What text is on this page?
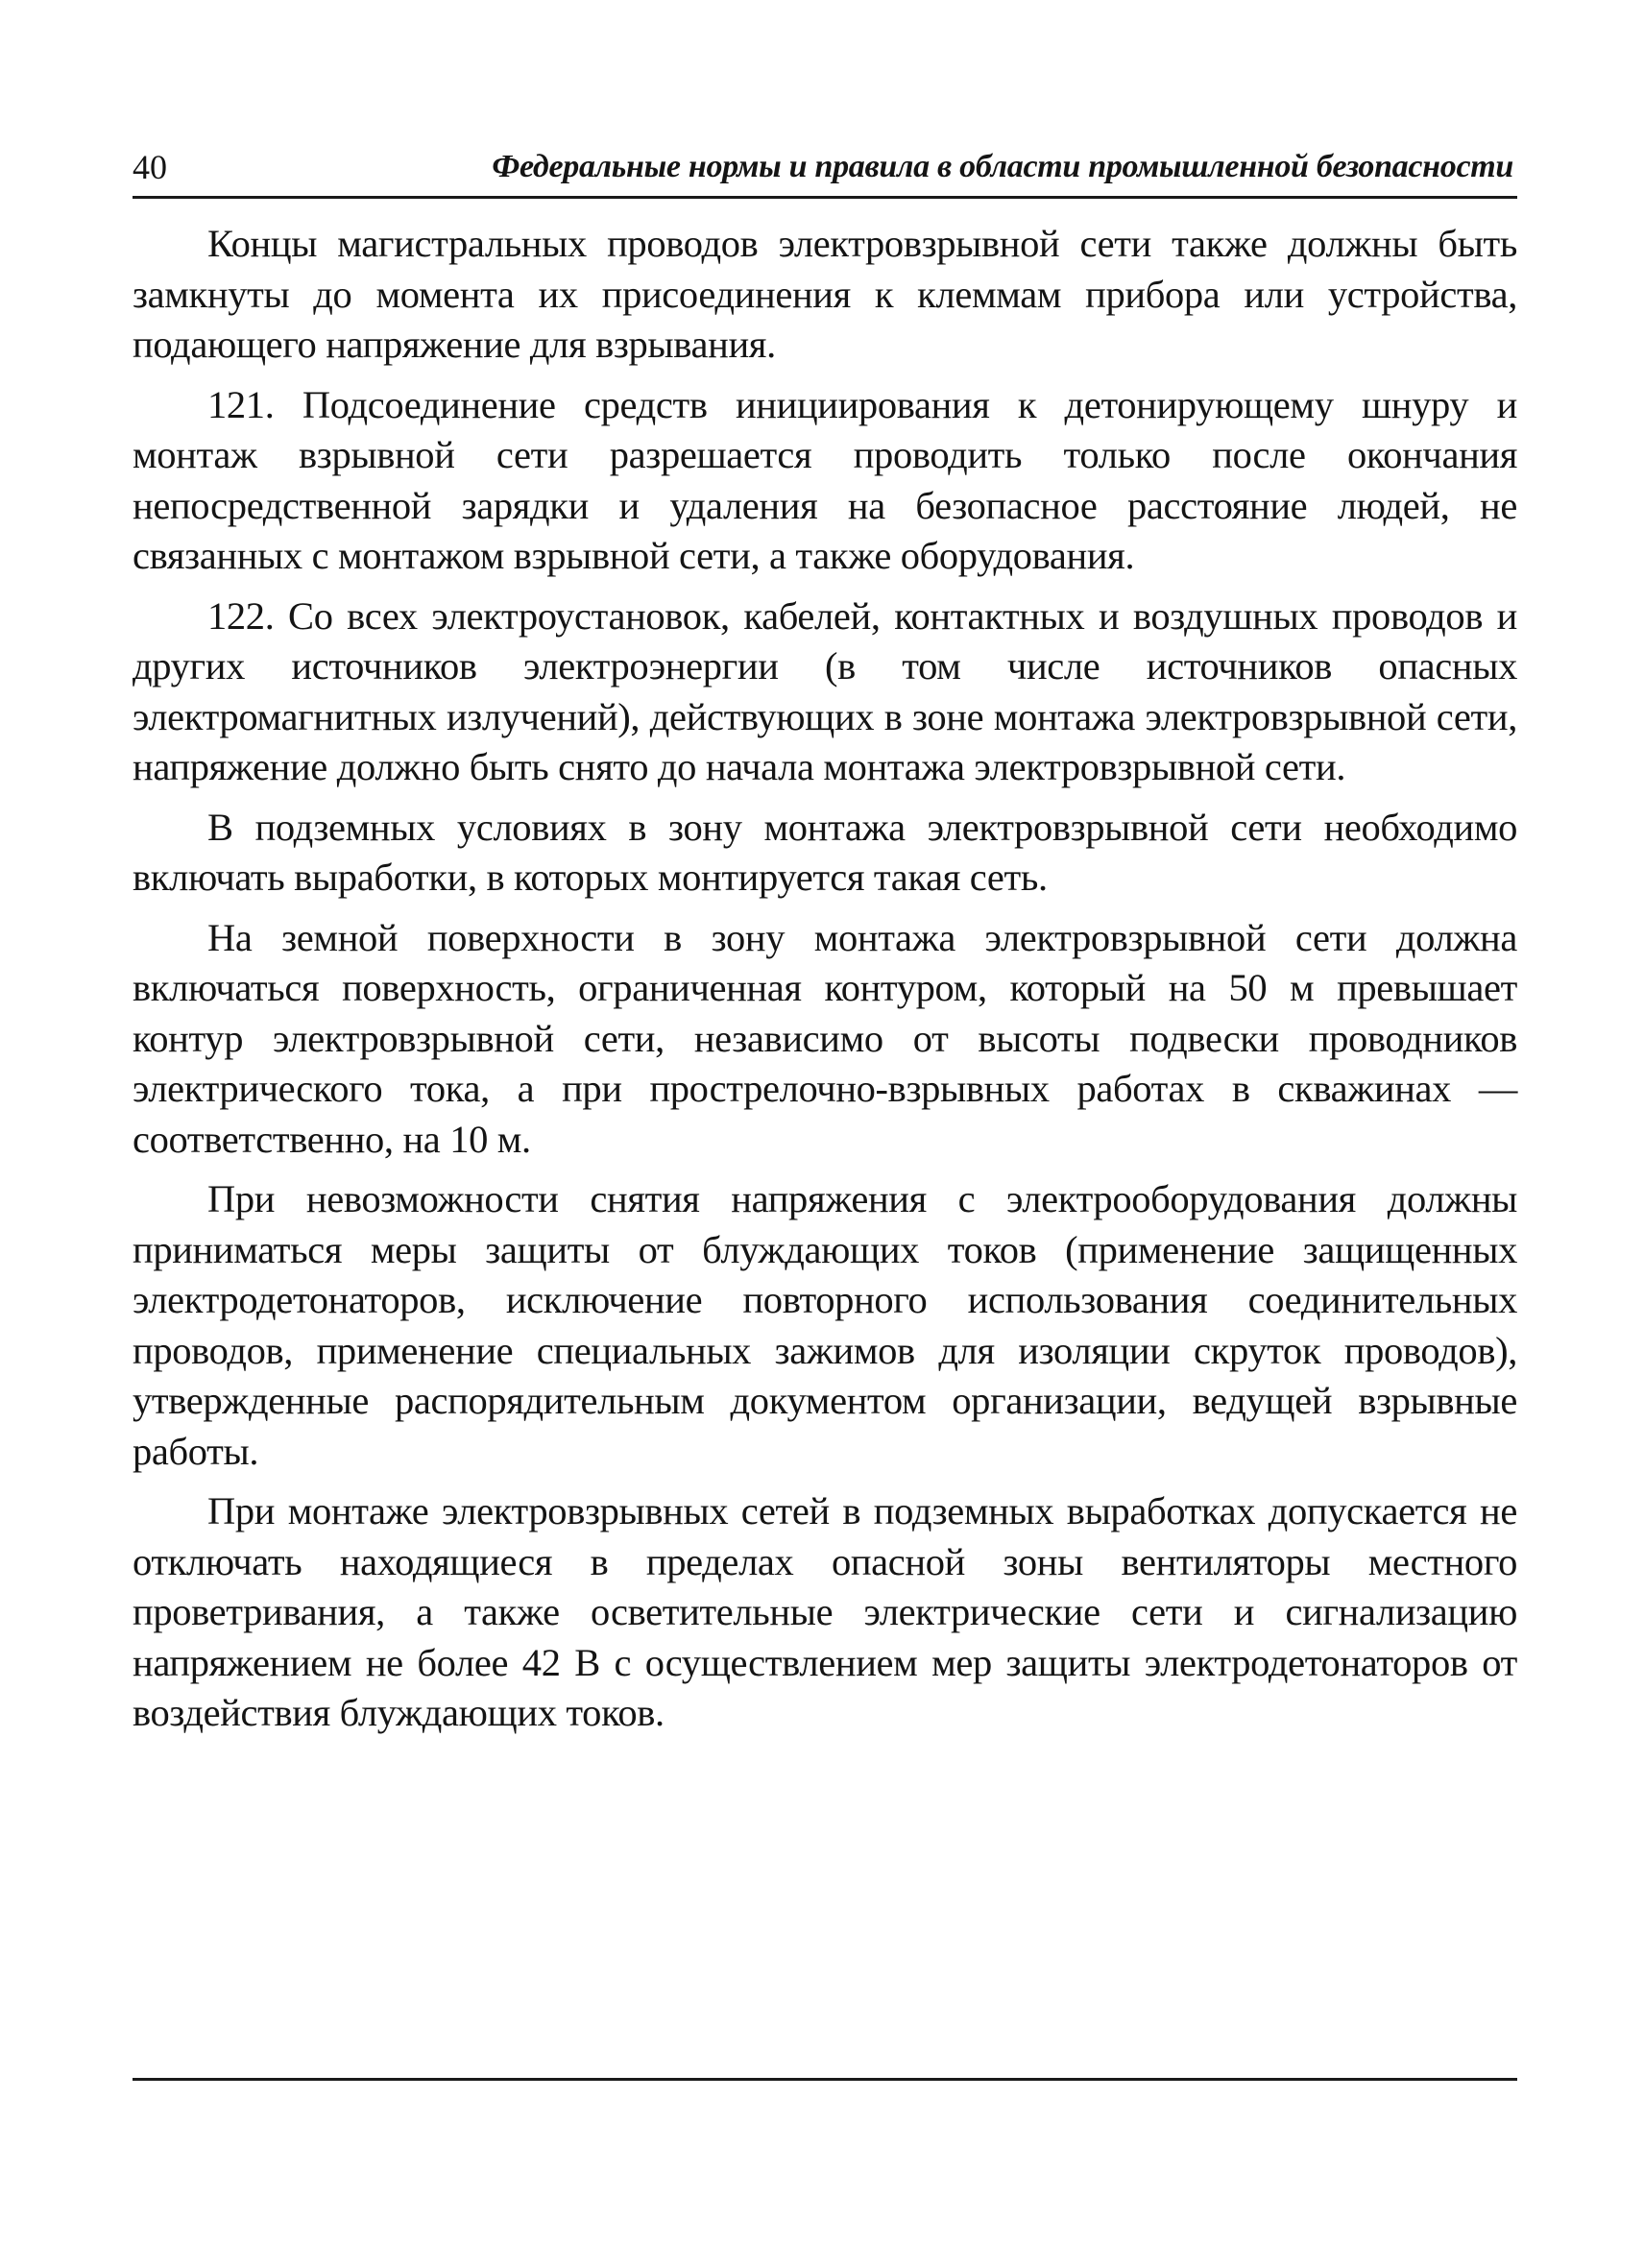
40	Федеральные нормы и правила в области промышленной безопасности

Концы магистральных проводов электровзрывной сети также должны быть замкнуты до момента их присоединения к клеммам прибора или устройства, подающего напряжение для взрывания.

121. Подсоединение средств инициирования к детонирующему шнуру и монтаж взрывной сети разрешается проводить только после окончания непосредственной зарядки и удаления на безопасное расстояние людей, не связанных с монтажом взрывной сети, а также оборудования.

122. Со всех электроустановок, кабелей, контактных и воздушных проводов и других источников электроэнергии (в том числе источников опасных электромагнитных излучений), действующих в зоне монтажа электровзрывной сети, напряжение должно быть снято до начала монтажа электровзрывной сети.

В подземных условиях в зону монтажа электровзрывной сети необходимо включать выработки, в которых монтируется такая сеть.

На земной поверхности в зону монтажа электровзрывной сети должна включаться поверхность, ограниченная контуром, который на 50 м превышает контур электровзрывной сети, независимо от высоты подвески проводников электрического тока, а при прострелочно-взрывных работах в скважинах — соответственно, на 10 м.

При невозможности снятия напряжения с электрооборудования должны приниматься меры защиты от блуждающих токов (применение защищенных электродетонаторов, исключение повторного использования соединительных проводов, применение специальных зажимов для изоляции скруток проводов), утвержденные распорядительным документом организации, ведущей взрывные работы.

При монтаже электровзрывных сетей в подземных выработках допускается не отключать находящиеся в пределах опасной зоны вентиляторы местного проветривания, а также осветительные электрические сети и сигнализацию напряжением не более 42 В с осуществлением мер защиты электродетонаторов от воздействия блуждающих токов.
